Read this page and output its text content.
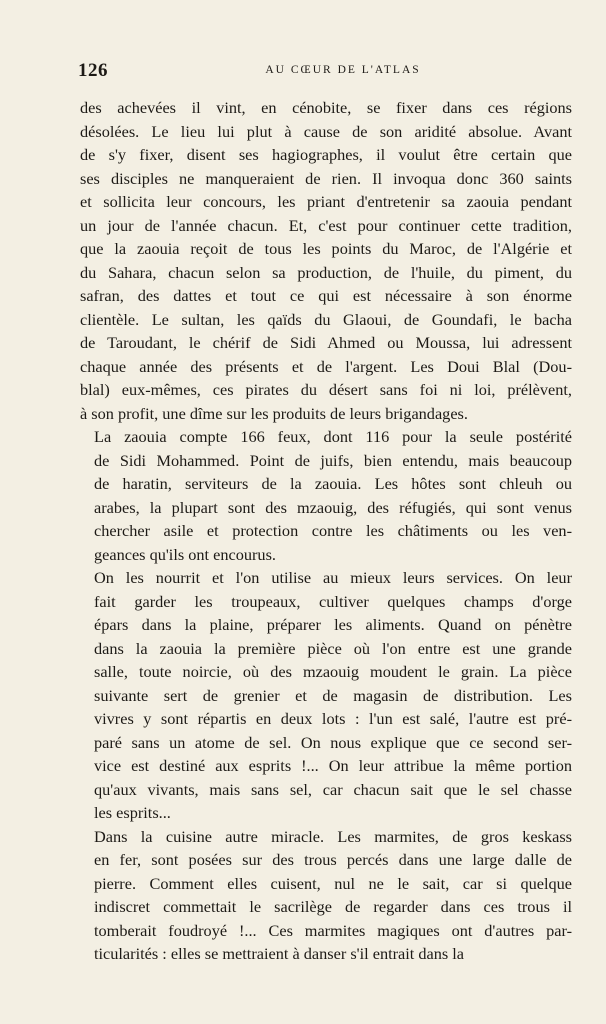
126	AU CŒUR DE L'ATLAS

des achevées il vint, en cénobite, se fixer dans ces régions
désolées. Le lieu lui plut à cause de son aridité absolue. Avant
de s'y fixer, disent ses hagiographes, il voulut être certain que
ses disciples ne manqueraient de rien. Il invoqua donc 360 saints
et sollicita leur concours, les priant d'entretenir sa zaouia pendant
un jour de l'année chacun. Et, c'est pour continuer cette tradition,
que la zaouia reçoit de tous les points du Maroc, de l'Algérie et
du Sahara, chacun selon sa production, de l'huile, du piment, du
safran, des dattes et tout ce qui est nécessaire à son énorme
clientèle. Le sultan, les qaïds du Glaoui, de Goundafi, le bacha
de Taroudant, le chérif de Sidi Ahmed ou Moussa, lui adressent
chaque année des présents et de l'argent. Les Doui Blal (Dou-
blal) eux-mêmes, ces pirates du désert sans foi ni loi, prélèvent,
à son profit, une dîme sur les produits de leurs brigandages.

La zaouia compte 166 feux, dont 116 pour la seule postérité
de Sidi Mohammed. Point de juifs, bien entendu, mais beaucoup
de haratin, serviteurs de la zaouia. Les hôtes sont chleuh ou
arabes, la plupart sont des mzaouig, des réfugiés, qui sont venus
chercher asile et protection contre les châtiments ou les ven-
geances qu'ils ont encourus.

On les nourrit et l'on utilise au mieux leurs services. On leur
fait garder les troupeaux, cultiver quelques champs d'orge
épars dans la plaine, préparer les aliments. Quand on pénètre
dans la zaouia la première pièce où l'on entre est une grande
salle, toute noircie, où des mzaouig moudent le grain. La pièce
suivante sert de grenier et de magasin de distribution. Les
vivres y sont répartis en deux lots : l'un est salé, l'autre est pré-
paré sans un atome de sel. On nous explique que ce second ser-
vice est destiné aux esprits !... On leur attribue la même portion
qu'aux vivants, mais sans sel, car chacun sait que le sel chasse
les esprits...

Dans la cuisine autre miracle. Les marmites, de gros keskass
en fer, sont posées sur des trous percés dans une large dalle de
pierre. Comment elles cuisent, nul ne le sait, car si quelque
indiscret commettait le sacrilège de regarder dans ces trous il
tomberait foudroyé !... Ces marmites magiques ont d'autres par-
ticularités : elles se mettraient à danser s'il entrait dans la
